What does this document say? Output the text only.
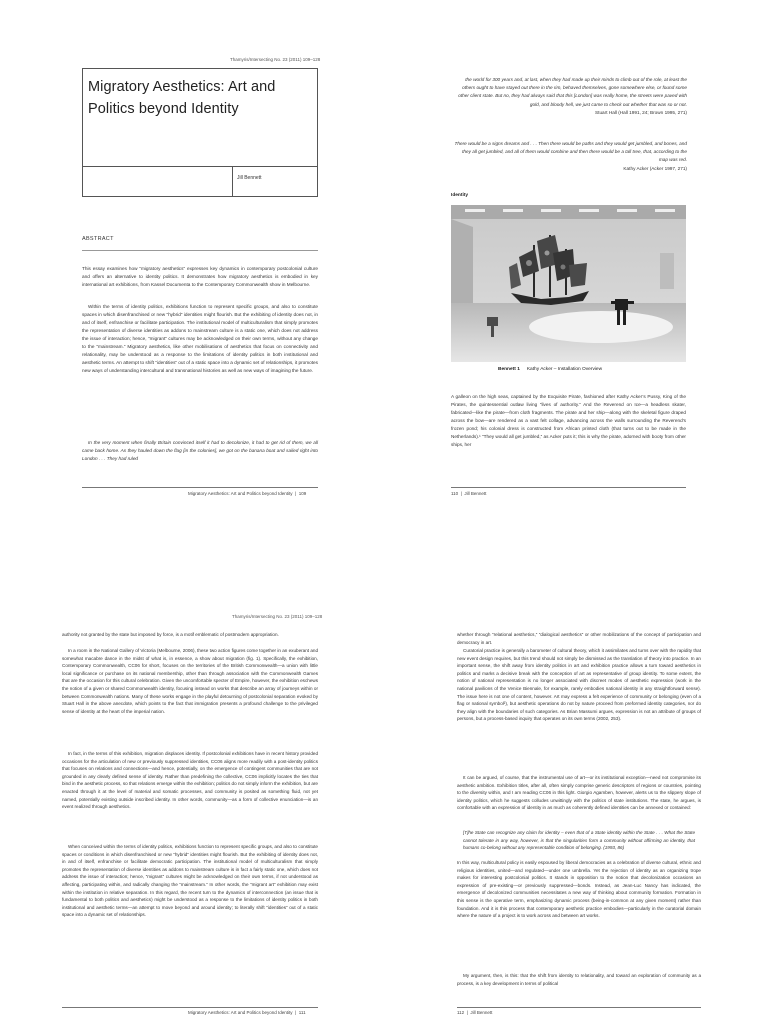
Thamyris/Intersecting No. 23 (2011) 109–128
Migratory Aesthetics: Art and Politics beyond Identity
Jill Bennett
ABSTRACT
This essay examines how “migratory aesthetics” expresses key dynamics in contemporary postcolonial culture and offers an alternative to identity politics. It demonstrates how migratory aesthetics is embodied in key international art exhibitions, from Kassel Documenta to the Contemporary Commonwealth show in Melbourne.
Within the terms of identity politics, exhibitions function to represent specific groups, and also to constitute spaces in which disenfranchised or new “hybrid” identities might flourish. But the exhibiting of identity does not, in and of itself, enfranchise or facilitate participation. The institutional model of multiculturalism that simply promotes the representation of diverse identities as addons to mainstream culture is a static one, which does not address the issue of interaction; hence, “migrant” cultures may be acknowledged on their own terms, without any change to the “mainstream.” Migratory aesthetics, like other mobilisations of aesthetics that focus on connectivity and relationality, may be understood as a response to the limitations of identity politics in both institutional and aesthetic terms. An attempt to shift “identities” out of a static space into a dynamic set of relationships, it promotes new ways of understanding intercultural and transnational histories as well as new ways of imagining the future.
In the very moment when finally Britain convinced itself it had to decolonize, it had to get rid of them, we all came back home. As they hauled down the flag [in the colonies], we got on the banana boat and sailed right into London . . . They had ruled
Migratory Aesthetics: Art and Politics beyond Identity  |  109
the world for 300 years and, at last, when they had made up their minds to climb out of the role, at least the others ought to have stayed out there in the rim, behaved themselves, gone somewhere else, or found some other client state. But no, they had always said that this [London] was really home, the streets were paved with gold, and bloody hell, we just came to check out whether that was so or not.
Stuart Hall (Hall 1991, 24; Brown 1995, 271)
There would be a signs dreams and . . . Then there would be paths and they would get jumbled, and bones, and they all get jumbled, and all of them would combine and then there would be a tall tree, that, according to the map was red.
Kathy Acker (Acker 1997, 271)
Identity
Bennett 1 Kathy Acker – Installation Overview
A galleon on the high seas, captained by the Exquisite Pirate, fashioned after Kathy Acker’s Pussy, King of the Pirates, the quintessential outlaw living “lives of authority.” And the Reverend on Ice—a headless skater, fabricated—like the pirate—from cloth fragments. The pirate and her ship—along with the skeletal figure draped across the bow—are rendered as a vast felt collage, advancing across the walls surrounding the Reverend’s frozen pond; his colonial dress is constructed from African printed cloth (that turns out to be made in the Netherlands).¹ “They would all get jumbled,” as Acker puts it; this is why the pirate, adorned with booty from other ships, her
110  |  Jill Bennett
Thamyris/Intersecting No. 23 (2011) 109–128
authority not granted by the state but imposed by force, is a motif emblematic of postmodern appropriation.
In a room in the National Gallery of Victoria (Melbourne, 2006), these two action figures come together in an exuberant and somewhat macabre dance in the midst of what is, in essence, a show about migration (fig. 1). Specifically, the exhibition, Contemporary Commonwealth, CC06 for short, focuses on the territories of the British Commonwealth—a union with little local significance or purchase on its national membership, other than through association with the Commonwealth Games that are the occasion for this cultural celebration. Given the uncomfortable specter of Empire, however, the exhibition eschews the notion of a given or shared Commonwealth identity, focusing instead on works that describe an array of journeys within or between Commonwealth nations. Many of these works engage in the playful detourning of postcolonial separation evoked by Stuart Hall in the above anecdote, which points to the fact that immigration presents a profound challenge to the privileged sense of identity at the heart of the imperial nation.
In fact, in the terms of this exhibition, migration displaces identity. If postcolonial exhibitions have in recent history provided occasions for the articulation of new or previously suppressed identities, CC06 aligns more readily with a post-identity politics that focuses on relations and connections—and hence, potentially, on the emergence of contingent communities that are not grounded in any clearly defined sense of identity. Rather than predefining the collective, CC06 implicitly locates the ties that bind in the aesthetic process, so that relations emerge within the exhibition; politics do not simply inform the exhibition, but are enacted through it at the level of material and somatic processes, and community is posited as something fluid, not yet named, potentially existing outside inscribed identity. In other words, community—as a form of collective enunciation—is an event realized through aesthetics.
When conceived within the terms of identity politics, exhibitions function to represent specific groups, and also to constitute spaces or conditions in which disenfranchised or new “hybrid” identities might flourish. But the exhibiting of identity does not, in and of itself, enfranchise or facilitate democratic participation. The institutional model of multiculturalism that simply promotes the representation of diverse identities as addons to mainstream culture is in fact a fairly static one, which does not address the issue of interaction; hence, “migrant” cultures might be acknowledged on their own terms, if not understood as affecting, participating within, and radically changing the “mainstream.” In other words, the “migrant art” exhibition may exist within the institution in relative separation. In this regard, the recent turn to the dynamics of interconnection (an issue that is fundamental to both politics and aesthetics) might be understood as a response to the limitations of identity politics in both institutional and aesthetic terms—an attempt to move beyond and around identity; to literally shift “identities” out of a static space into a dynamic set of relationships.
Migratory Aesthetics: Art and Politics beyond Identity  |  111
whether through “relational aesthetics,” “dialogical aesthetics” or other mobilizations of the concept of participation and democracy in art.
Curatorial practice is generally a barometer of cultural theory, which it assimilates and turns over with the rapidity that new event design requires, but this trend should not simply be dismissed as the translation of theory into practice. In an important sense, the shift away from identity politics in art and exhibition practice allows a turn toward aesthetics in politics and marks a decisive break with the conception of art as representative of group identity. To some extent, the notion of national representation is no longer associated with discreet modes of aesthetic expression (work in the national pavilions of the Venice Biennale, for example, rarely embodies national identity in any straightforward sense). The issue here is not one of content, however. Art may express a felt experience of community or belonging (even of a flag or national symbol²), but aesthetic operations do not by nature proceed from preformed identity categories, nor do they align with the boundaries of such categories. As Brian Massumi argues, expression is not an attribute of groups of persons, but a process-based inquiry that operates on its own terms (2002, 253).
It can be argued, of course, that the instrumental use of art—or its institutional exception—need not compromise its aesthetic ambition. Exhibition titles, after all, often simply comprise generic descriptors of regions or countries, pointing to the diversity within, and I am reading CC06 in this light. Giorgio Agamben, however, alerts us to the slippery slope of identity politics, which he suggests colludes unwittingly with the politics of state institutions. The state, he argues, is comfortable with an expression of identity in as much as coherently defined identities can be annexed or contained:
[T]he State can recognize any claim for identity – even that of a State identity within the State . . . What the State cannot tolerate in any way, however, is that the singularities form a community without affirming an identity, that humans co-belong without any representable condition of belonging. (1993, 86)
In this way, multicultural policy is easily espoused by liberal democracies as a celebration of diverse cultural, ethnic and religious identities, united—and regulated—under one umbrella. Yet the rejection of identity as an organizing trope makes for interesting postcolonial politics. It stands in opposition to the notion that decolonization occasions an expression of pre-existing—or previously suppressed—bonds. Instead, as Jean-Luc Nancy has indicated, the emergence of decolonized communities necessitates a new way of thinking about community formation. Formation in this sense is the operative term, emphasizing dynamic process (being-in-common at any given moment) rather than foundation. And it is this process that contemporary aesthetic practice embodies—particularly in the curatorial domain where the nature of a project is to work across and between art works.
My argument, then, is this: that the shift from identity to relationality, and toward an exploration of community as a process, is a key development in terms of political
112  |  Jill Bennett
